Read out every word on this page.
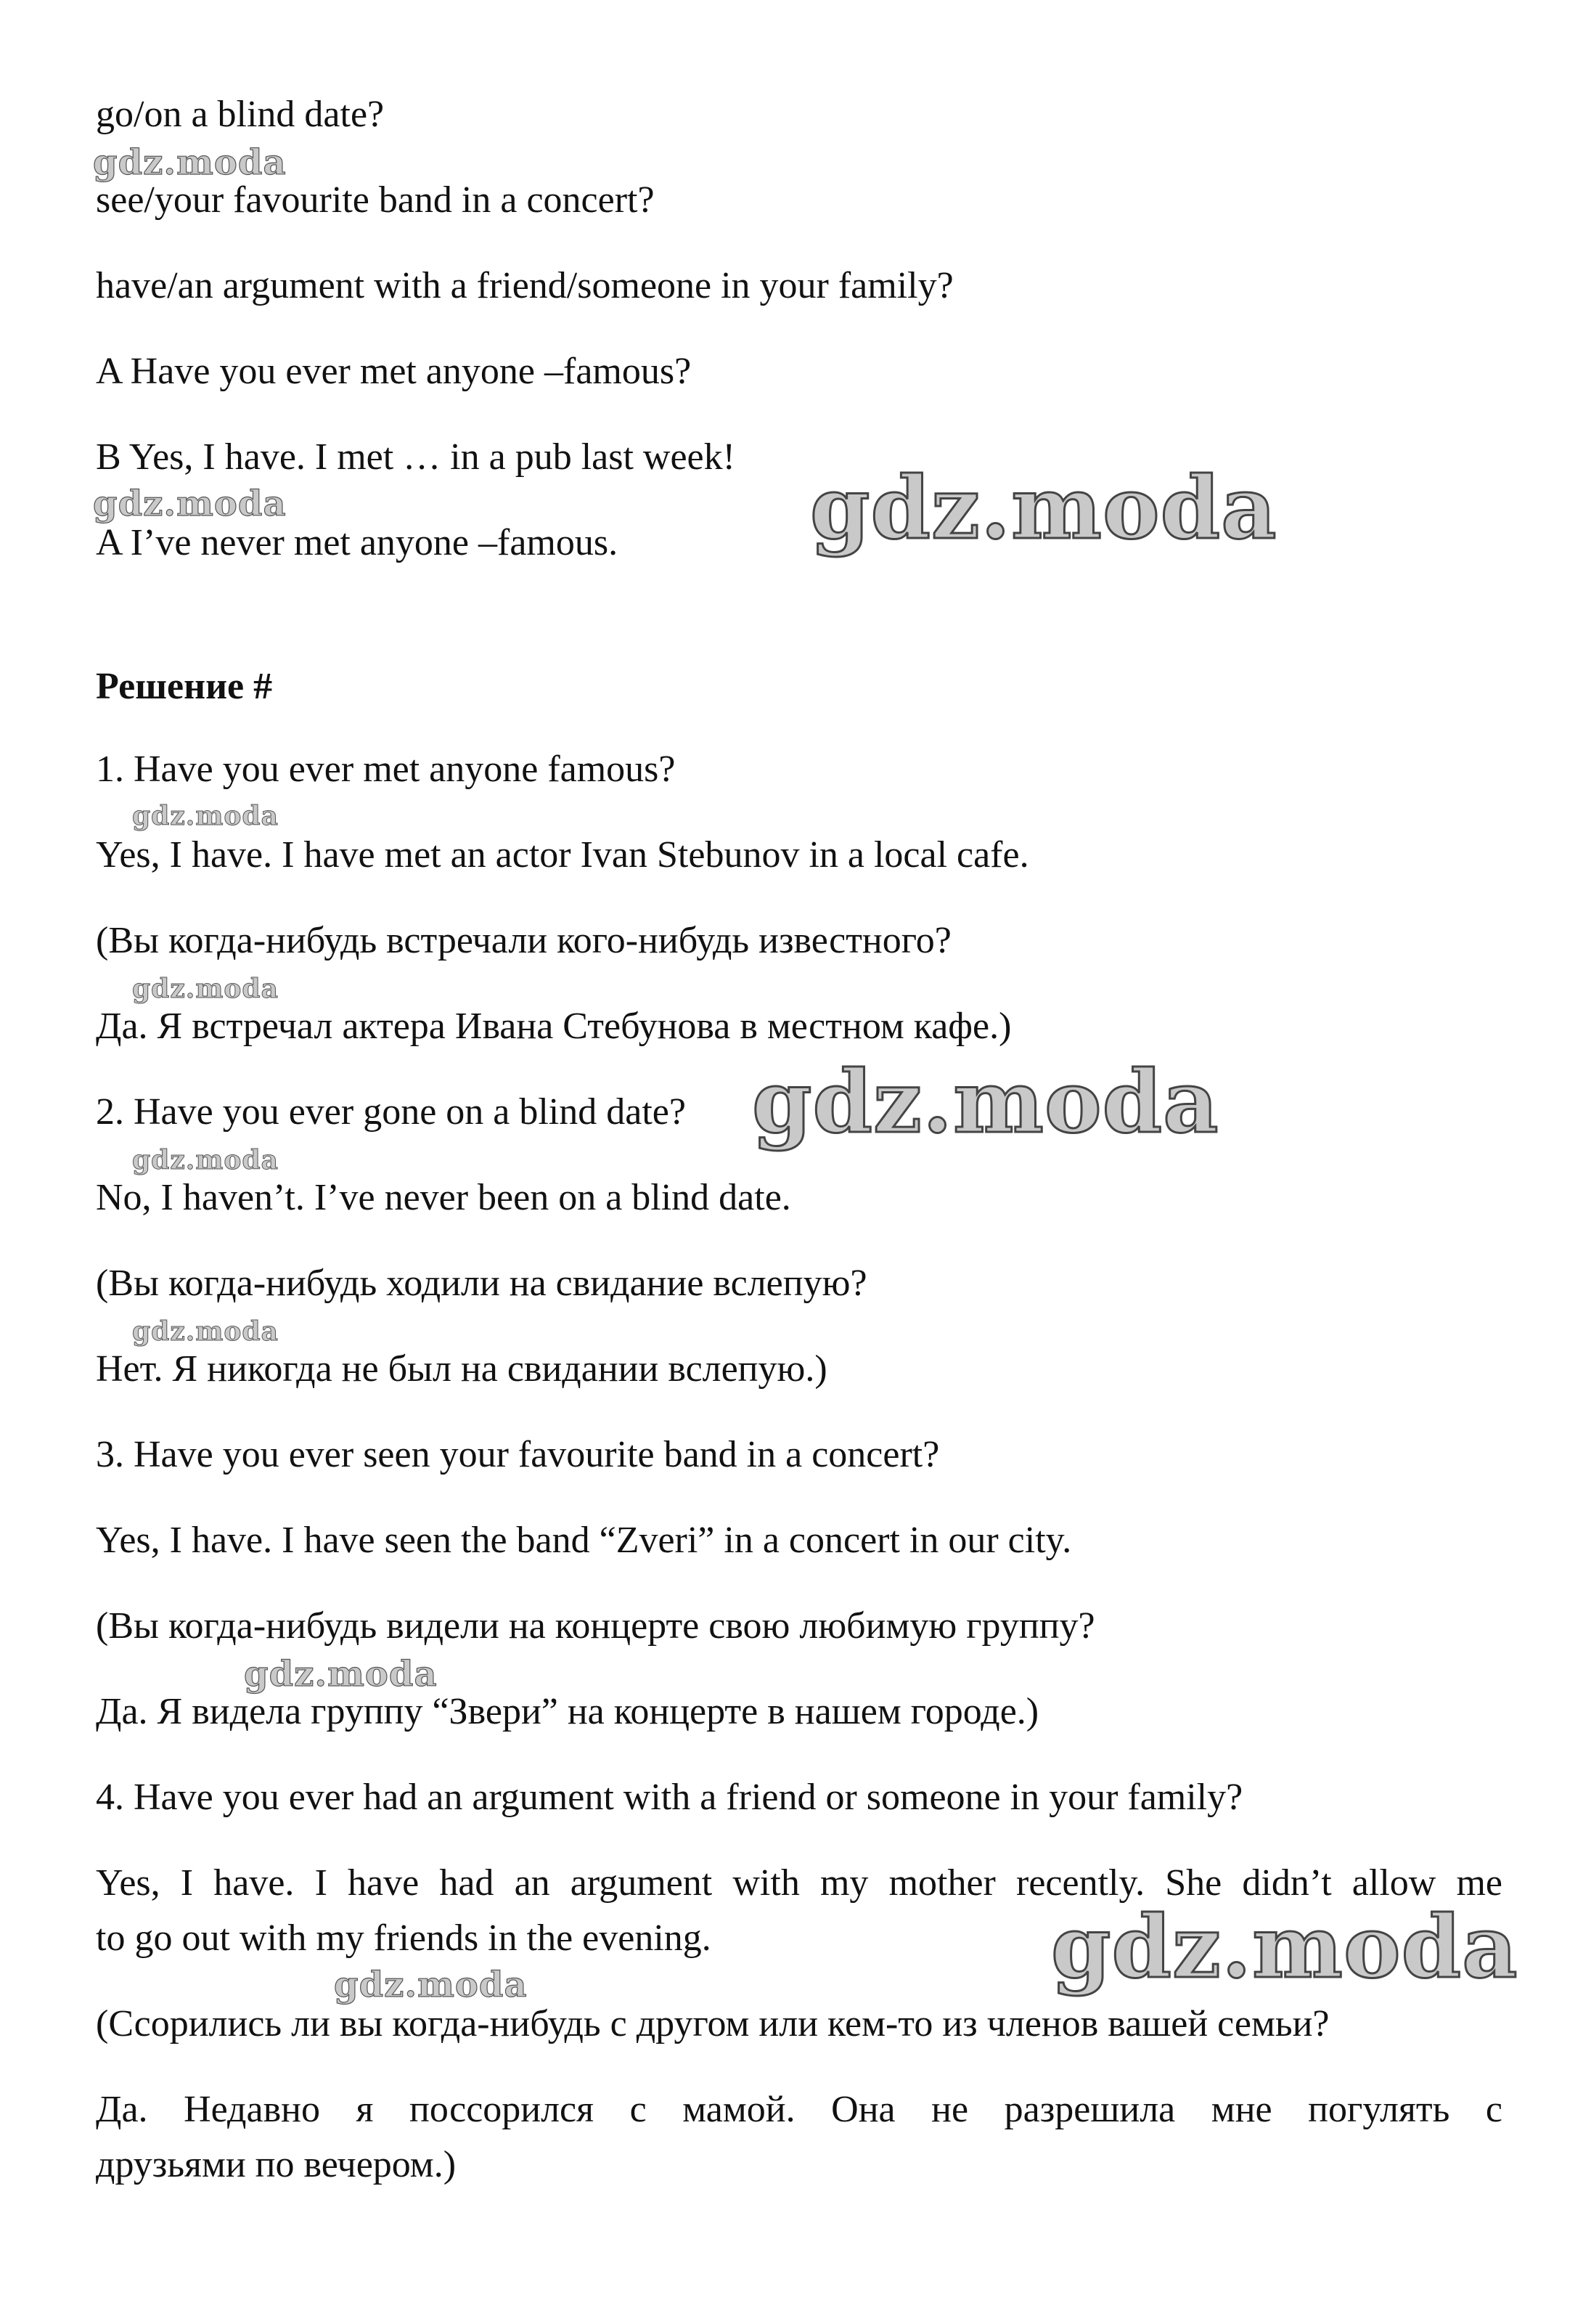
go/on a blind date?

see/your favourite band in a concert?

have/an argument with a friend/someone in your family?

A Have you ever met anyone –famous?

B Yes, I have. I met … in a pub last week!

A I’ve never met anyone –famous.

Решение #

1. Have you ever met anyone famous?

Yes, I have. I have met an actor Ivan Stebunov in a local cafe.

(Вы когда-нибудь встречали кого-нибудь известного?

Да. Я встречал актера Ивана Стебунова в местном кафе.)

2. Have you ever gone on a blind date?

No, I haven’t. I’ve never been on a blind date.

(Вы когда-нибудь ходили на свидание вслепую?

Нет. Я никогда не был на свидании вслепую.)

3. Have you ever seen your favourite band in a concert?

Yes, I have. I have seen the band “Zveri” in a concert in our city.

(Вы когда-нибудь видели на концерте свою любимую группу?

Да. Я видела группу “Звери” на концерте в нашем городе.)

4. Have you ever had an argument with a friend or someone in your family?

Yes, I have. I have had an argument with my mother recently. She didn’t allow me

to go out with my friends in the evening.

(Ссорились ли вы когда-нибудь с другом или кем-то из членов вашей семьи?

Да. Недавно я поссорился с мамой. Она не разрешила мне погулять с

друзьями по вечером.)

gdz.moda
gdz.moda	gdz.moda
gdz.moda
gdz.moda
gdz.moda
gdz.moda
gdz.moda
gdz.moda
gdz.moda
gdz.moda
